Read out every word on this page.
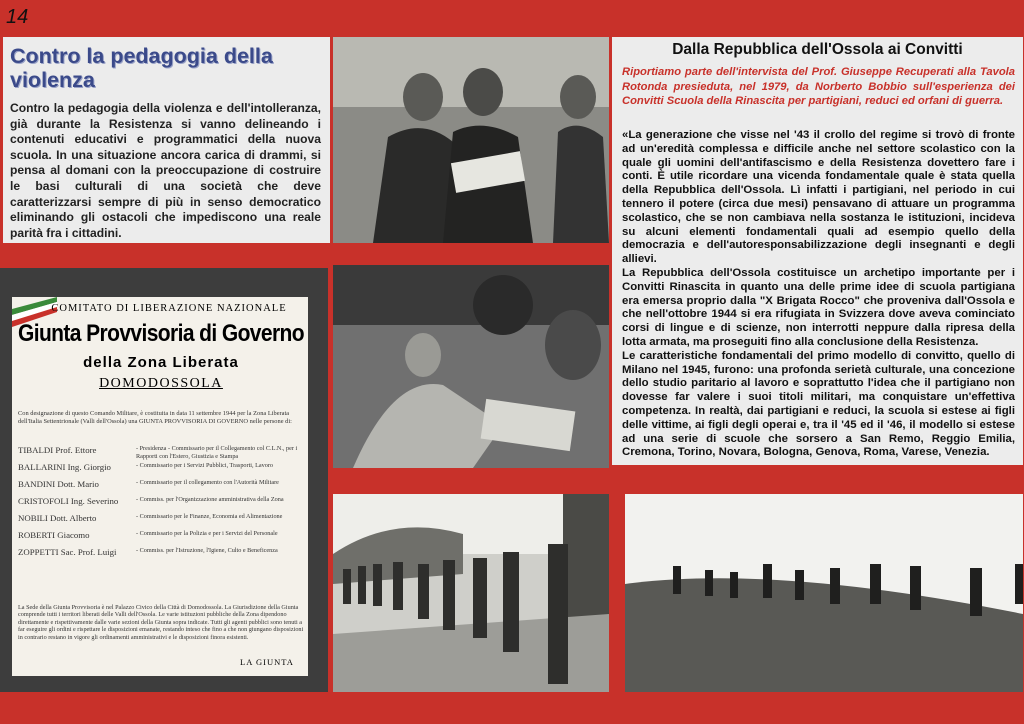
14
Contro la pedagogia della violenza
Contro la pedagogia della violenza e dell'intolleranza, già durante la Resistenza si vanno delineando i contenuti educativi e programmatici della nuova scuola. In una situazione ancora carica di drammi, si pensa al domani con la preoccupazione di costruire le basi culturali di una società che deve caratterizzarsi sempre di più in senso democratico eliminando gli ostacoli che impediscono una reale parità fra i cittadini.
Dalla Repubblica dell'Ossola ai Convitti
Riportiamo parte dell'intervista del Prof. Giuseppe Recuperati alla Tavola Rotonda presieduta, nel 1979, da Norberto Bobbio sull'esperienza dei Convitti Scuola della Rinascita per partigiani, reduci ed orfani di guerra.

«La generazione che visse nel '43 il crollo del regime si trovò di fronte ad un'eredità complessa e difficile anche nel settore scolastico con la quale gli uomini dell'antifascismo e della Resistenza dovettero fare i conti. È utile ricordare una vicenda fondamentale quale è stata quella della Repubblica dell'Ossola. Lì infatti i partigiani, nel periodo in cui tennero il potere (circa due mesi) pensavano di attuare un programma scolastico, che se non cambiava nella sostanza le istituzioni, incideva su alcuni elementi fondamentali quali ad esempio quello della democrazia e dell'autoresponsabilizzazione degli insegnanti e degli allievi.

La Repubblica dell'Ossola costituisce un archetipo importante per i Convitti Rinascita in quanto una delle prime idee di scuola partigiana era emersa proprio dalla "X Brigata Rocco" che proveniva dall'Ossola e che nell'ottobre 1944 si era rifugiata in Svizzera dove aveva cominciato corsi di lingue e di scienze, non interrotti neppure dalla ripresa della lotta armata, ma proseguiti fino alla conclusione della Resistenza.

Le caratteristiche fondamentali del primo modello di convitto, quello di Milano nel 1945, furono: una profonda serietà culturale, una concezione dello studio paritario al lavoro e soprattutto l'idea che il partigiano non dovesse far valere i suoi titoli militari, ma conquistare un'effettiva competenza. In realtà, dai partigiani e reduci, la scuola si estese ai figli delle vittime, ai figli degli operai e, tra il '45 ed il '46, il modello si estese ad una serie di scuole che sorsero a San Remo, Reggio Emilia, Cremona, Torino, Novara, Bologna, Genova, Roma, Varese, Venezia.

COMITATO DI LIBERAZIONE NAZIONALE
Giunta Provvisoria di Governo
della Zona Liberata
DOMODOSSOLA
Con designazione di questo Comando Militare, è costituita in data 11 settembre 1944 per la Zona Liberata dell'Italia Settentrionale (Valli dell'Ossola) una GIUNTA PROVVISORIA DI GOVERNO nelle persone di:
TIBALDI Prof. Ettore	- Presidenza - Commissario per il Collegamento col C.L.N., per i Rapporti con l'Estero, Giustizia e Stampa
BALLARINI Ing. Giorgio	- Commissario per i Servizi Pubblici, Trasporti, Lavoro
BANDINI Dott. Mario	- Commissario per il collegamento con l'Autorità Militare
CRISTOFOLI Ing. Severino	- Commiss. per l'Organizzazione amministrativa della Zona
NOBILI Dott. Alberto	- Commissario per le Finanze, Economia ed Alimentazione
ROBERTI Giacomo	- Commissario per la Polizia e per i Servizi del Personale
ZOPPETTI Sac. Prof. Luigi	- Commiss. per l'Istruzione, l'Igiene, Culto e Beneficenza
La Sede della Giunta Provvisoria è nel Palazzo Civico della Città di Domodossola. La Giurisdizione della Giunta comprende tutti i territori liberati delle Valli dell'Ossola. Le varie istituzioni pubbliche della Zona dipendono direttamente e rispettivamente dalle varie sezioni della Giunta sopra indicate. Tutti gli agenti pubblici sono tenuti a far eseguire gli ordini e rispettare le disposizioni emanate, restando inteso che fino a che non giungano disposizioni in contrario restano in vigore gli ordinamenti amministrativi e le disposizioni finora esistenti.
LA GIUNTA
